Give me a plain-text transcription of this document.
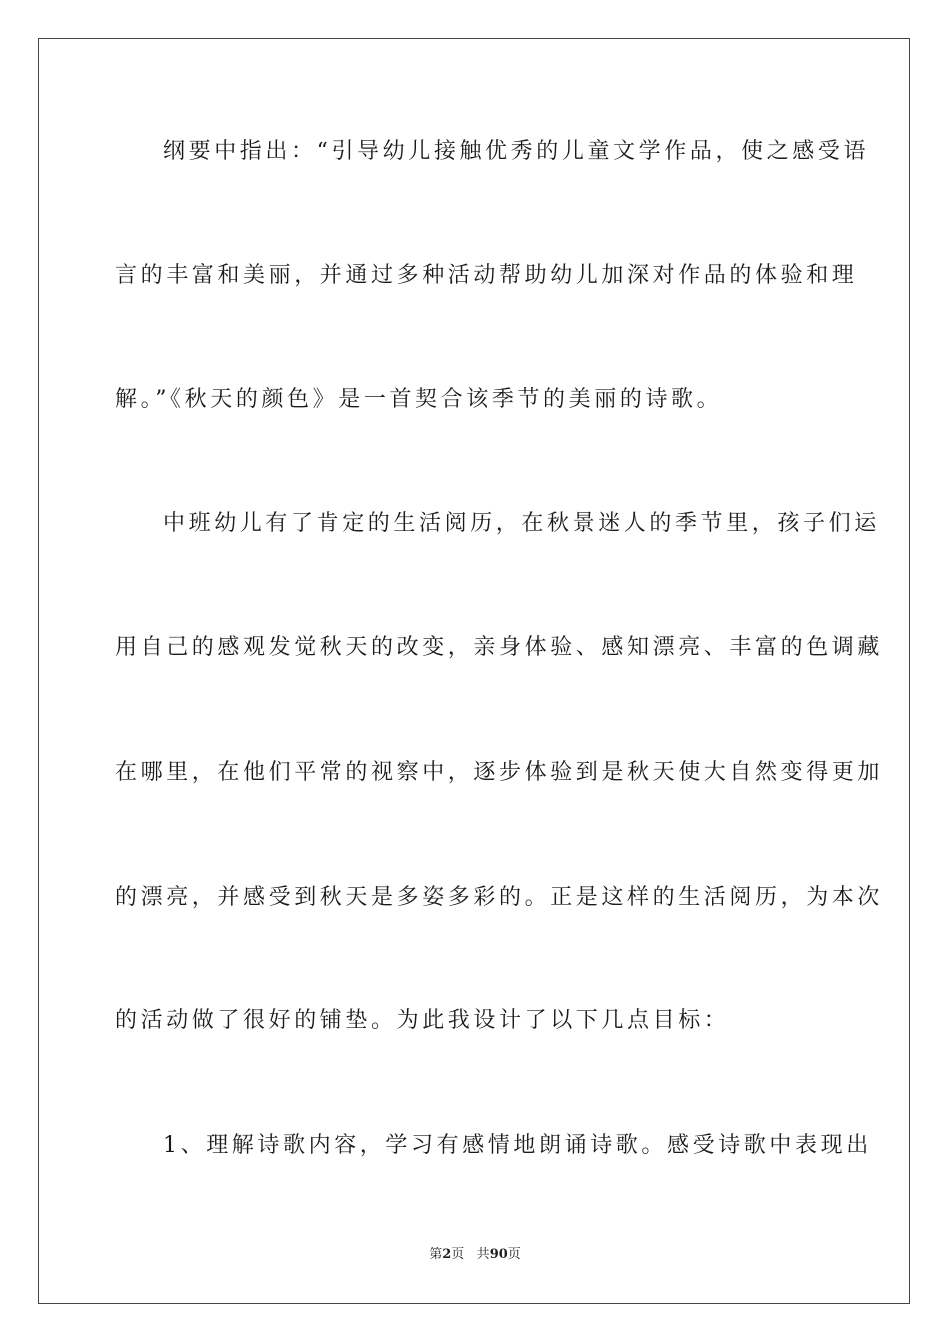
纲要中指出：“引导幼儿接触优秀的儿童文学作品，使之感受语
言的丰富和美丽，并通过多种活动帮助幼儿加深对作品的体验和理
解。”《秋天的颜色》是一首契合该季节的美丽的诗歌。
中班幼儿有了肯定的生活阅历，在秋景迷人的季节里，孩子们运
用自己的感观发觉秋天的改变，亲身体验、感知漂亮、丰富的色调藏
在哪里，在他们平常的视察中，逐步体验到是秋天使大自然变得更加
的漂亮，并感受到秋天是多姿多彩的。正是这样的生活阅历，为本次
的活动做了很好的铺垫。为此我设计了以下几点目标：
1、理解诗歌内容，学习有感情地朗诵诗歌。感受诗歌中表现出
第2页 共90页
